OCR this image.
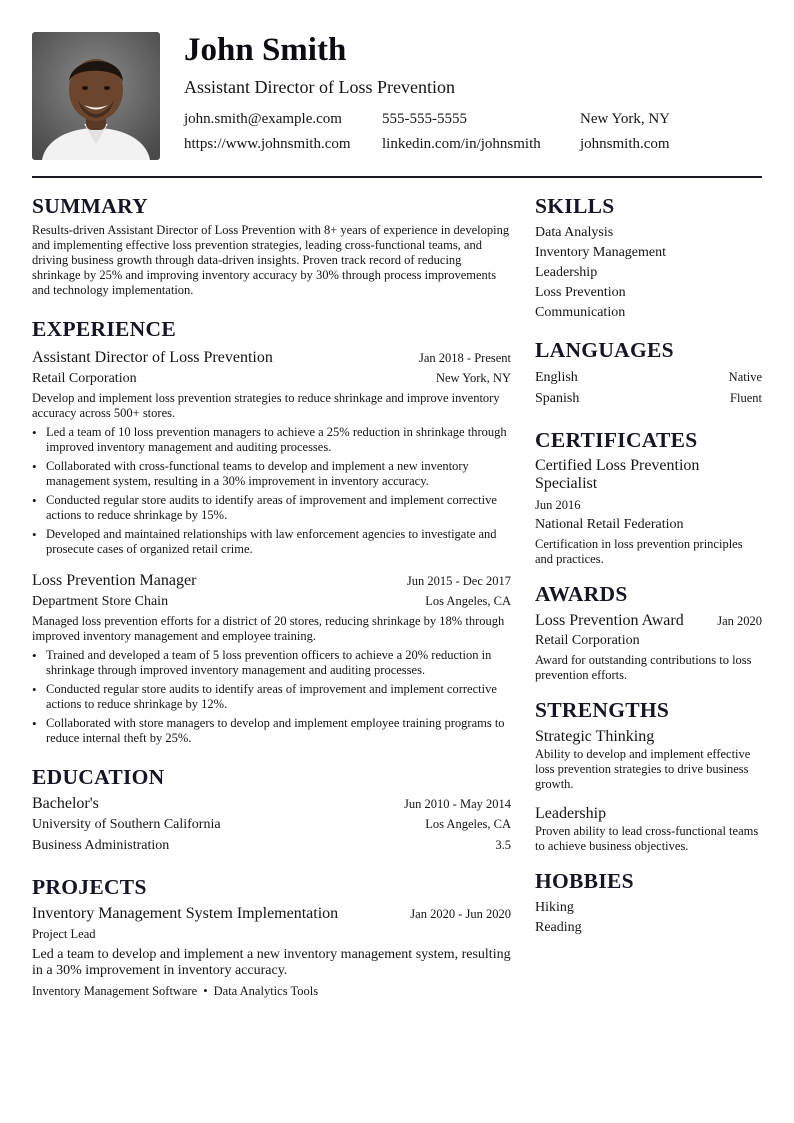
John Smith
Assistant Director of Loss Prevention
john.smith@example.com	555-555-5555	New York, NY
https://www.johnsmith.com linkedin.com/in/johnsmith	johnsmith.com
SUMMARY
Results-driven Assistant Director of Loss Prevention with 8+ years of experience in developing and implementing effective loss prevention strategies, leading cross-functional teams, and driving business growth through data-driven insights. Proven track record of reducing shrinkage by 25% and improving inventory accuracy by 30% through process improvements and technology implementation.
EXPERIENCE
Assistant Director of Loss Prevention	Jan 2018 - Present
Retail Corporation	New York, NY
Develop and implement loss prevention strategies to reduce shrinkage and improve inventory accuracy across 500+ stores.
• Led a team of 10 loss prevention managers to achieve a 25% reduction in shrinkage through improved inventory management and auditing processes.
• Collaborated with cross-functional teams to develop and implement a new inventory management system, resulting in a 30% improvement in inventory accuracy.
• Conducted regular store audits to identify areas of improvement and implement corrective actions to reduce shrinkage by 15%.
• Developed and maintained relationships with law enforcement agencies to investigate and prosecute cases of organized retail crime.
Loss Prevention Manager	Jun 2015 - Dec 2017
Department Store Chain	Los Angeles, CA
Managed loss prevention efforts for a district of 20 stores, reducing shrinkage by 18% through improved inventory management and employee training.
• Trained and developed a team of 5 loss prevention officers to achieve a 20% reduction in shrinkage through improved inventory management and auditing processes.
• Conducted regular store audits to identify areas of improvement and implement corrective actions to reduce shrinkage by 12%.
• Collaborated with store managers to develop and implement employee training programs to reduce internal theft by 25%.
EDUCATION
Bachelor's	Jun 2010 - May 2014
University of Southern California	Los Angeles, CA
Business Administration	3.5
PROJECTS
Inventory Management System Implementation	Jan 2020 - Jun 2020
Project Lead
Led a team to develop and implement a new inventory management system, resulting in a 30% improvement in inventory accuracy.
Inventory Management Software • Data Analytics Tools
SKILLS
Data Analysis
Inventory Management
Leadership
Loss Prevention
Communication
LANGUAGES
English	Native
Spanish	Fluent
CERTIFICATES
Certified Loss Prevention Specialist
Jun 2016
National Retail Federation
Certification in loss prevention principles and practices.
AWARDS
Loss Prevention Award	Jan 2020
Retail Corporation
Award for outstanding contributions to loss prevention efforts.
STRENGTHS
Strategic Thinking
Ability to develop and implement effective loss prevention strategies to drive business growth.
Leadership
Proven ability to lead cross-functional teams to achieve business objectives.
HOBBIES
Hiking
Reading
